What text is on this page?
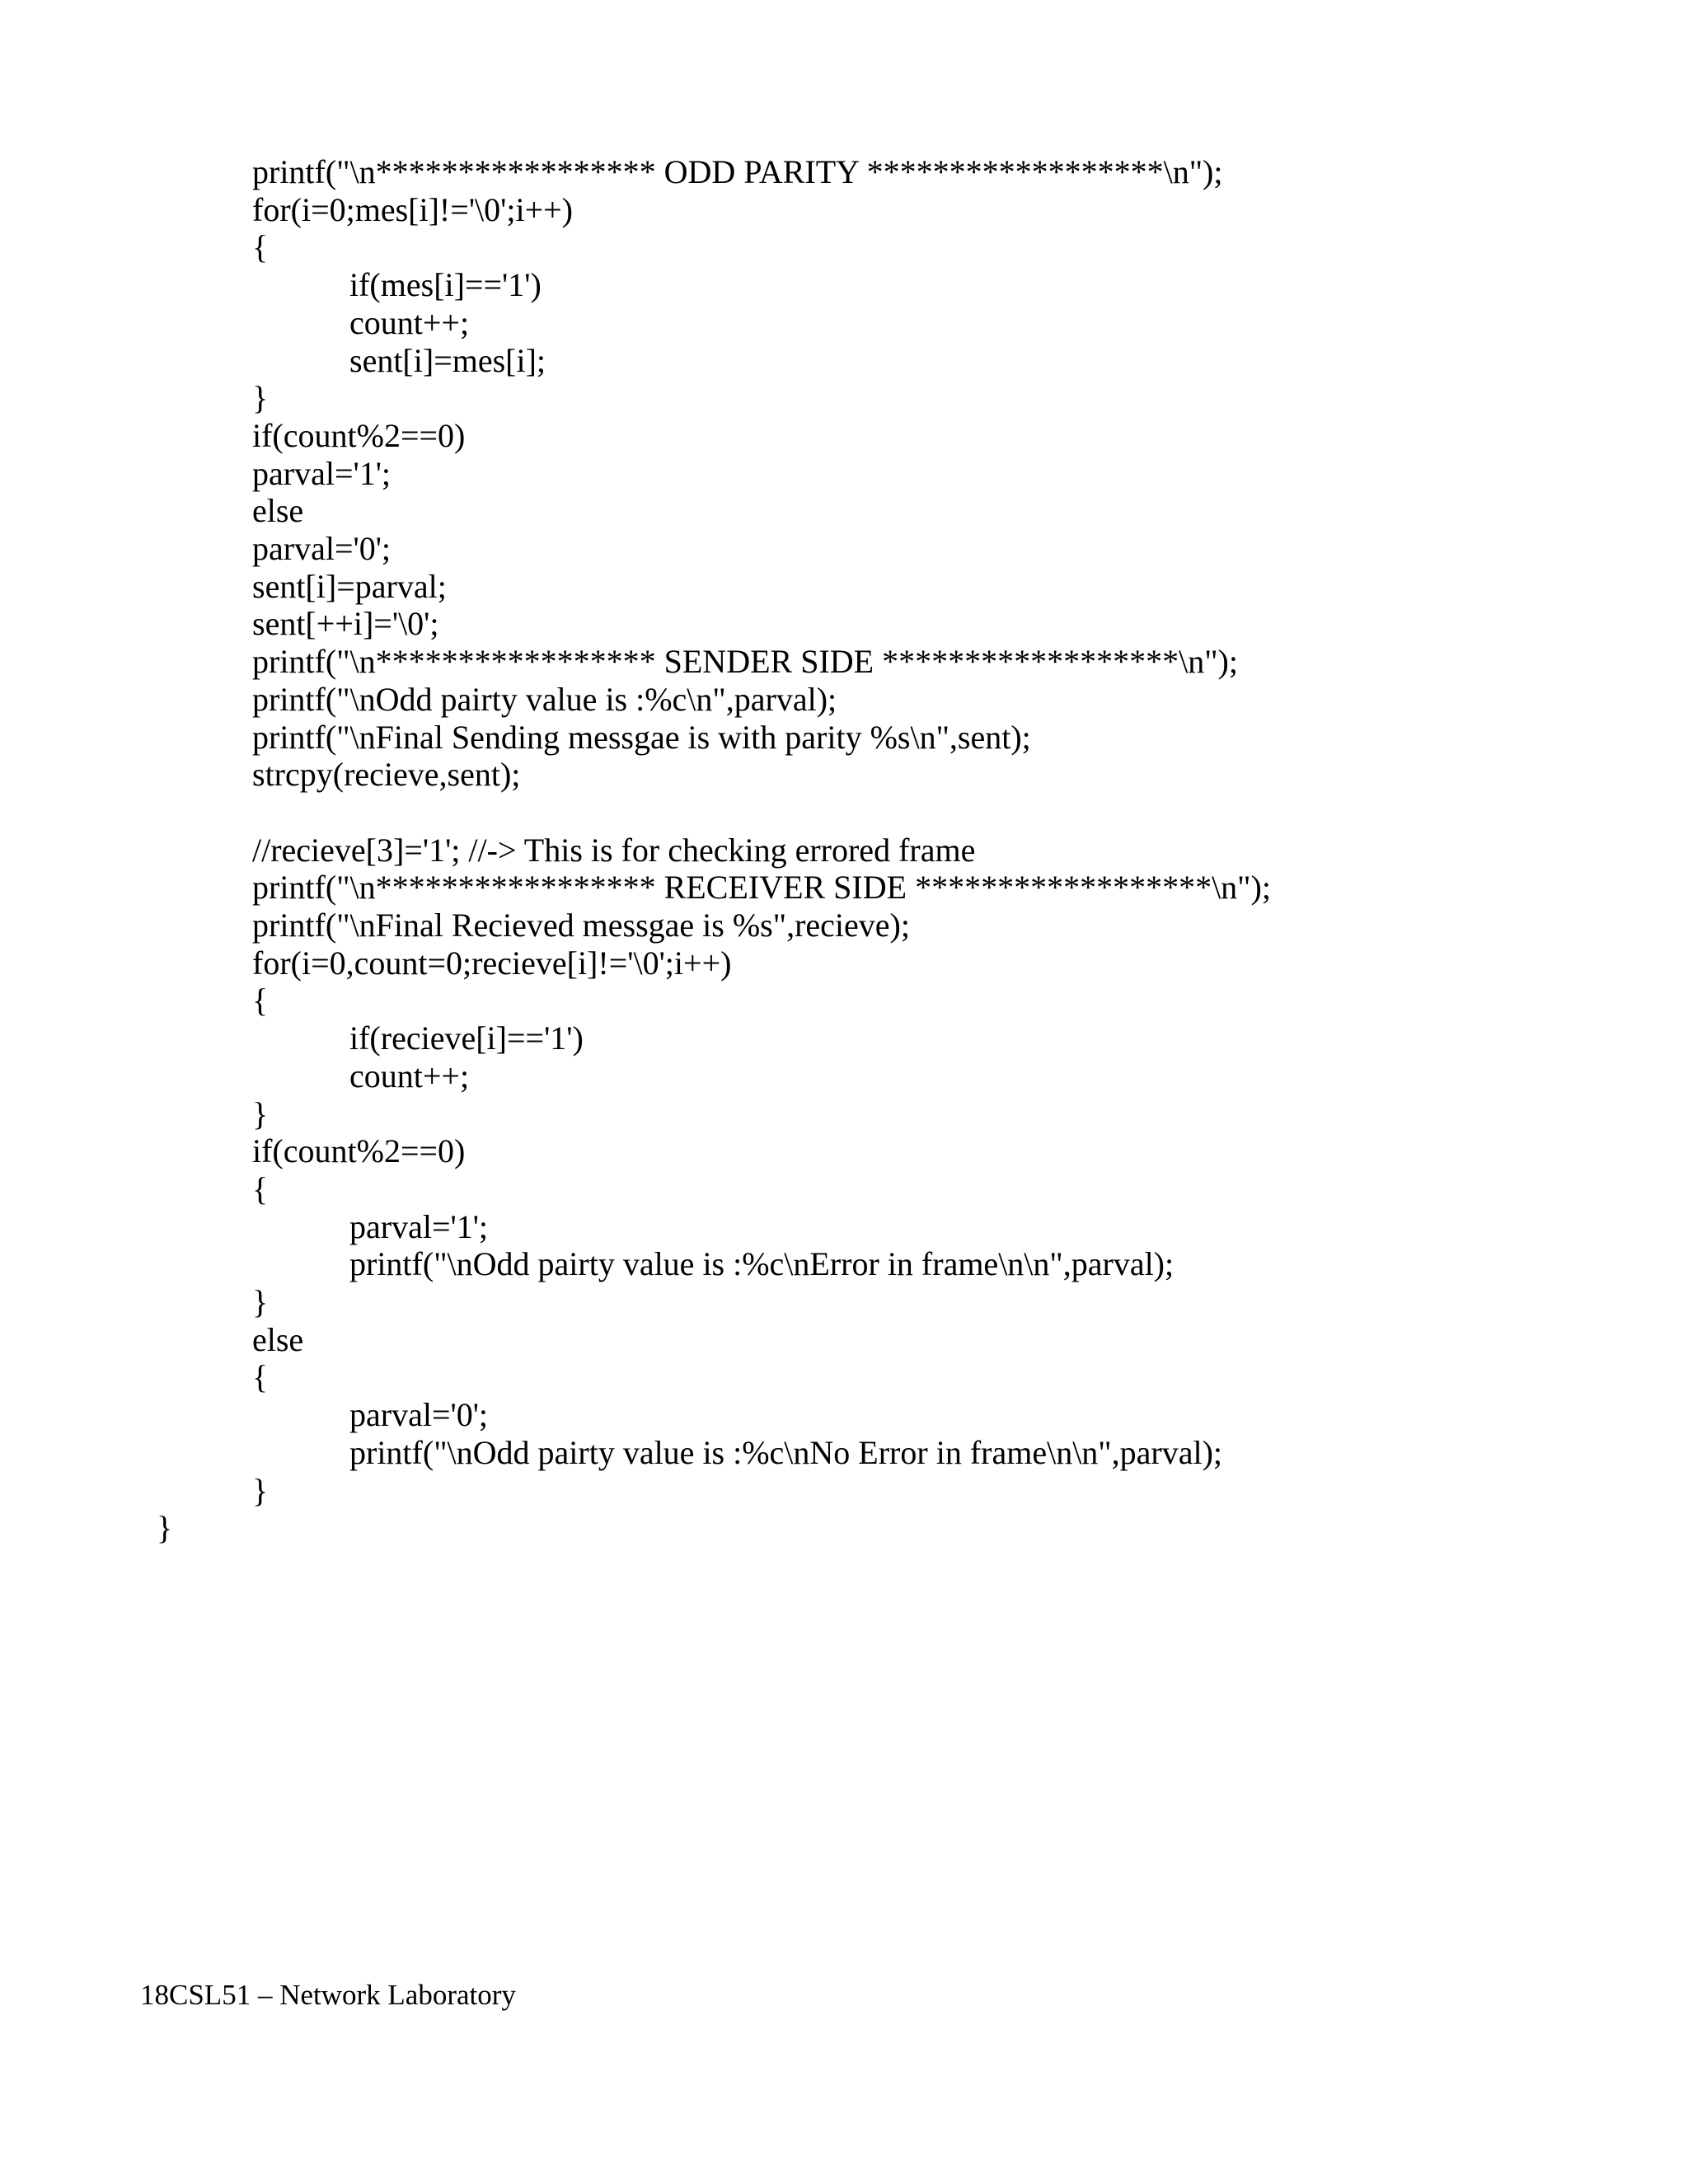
printf("\n***************** ODD PARITY ******************\n");
for(i=0;mes[i]!='\0';i++)
{
if(mes[i]=='1')
count++;
sent[i]=mes[i];
}
if(count%2==0)
parval='1';
else
parval='0';
sent[i]=parval;
sent[++i]='\0';
printf("\n***************** SENDER SIDE ******************\n");
printf("\nOdd pairty value is :%c\n",parval);
printf("\nFinal Sending messgae is with parity %s\n",sent);
strcpy(recieve,sent);
//recieve[3]='1'; //-> This is for checking errored frame
printf("\n***************** RECEIVER SIDE ******************\n");
printf("\nFinal Recieved messgae is %s",recieve);
for(i=0,count=0;recieve[i]!='\0';i++)
{
if(recieve[i]=='1')
count++;
}
if(count%2==0)
{
parval='1';
printf("\nOdd pairty value is :%c\nError in frame\n\n",parval);
}
else
{
parval='0';
printf("\nOdd pairty value is :%c\nNo Error in frame\n\n",parval);
}
}
18CSL51 – Network Laboratory
